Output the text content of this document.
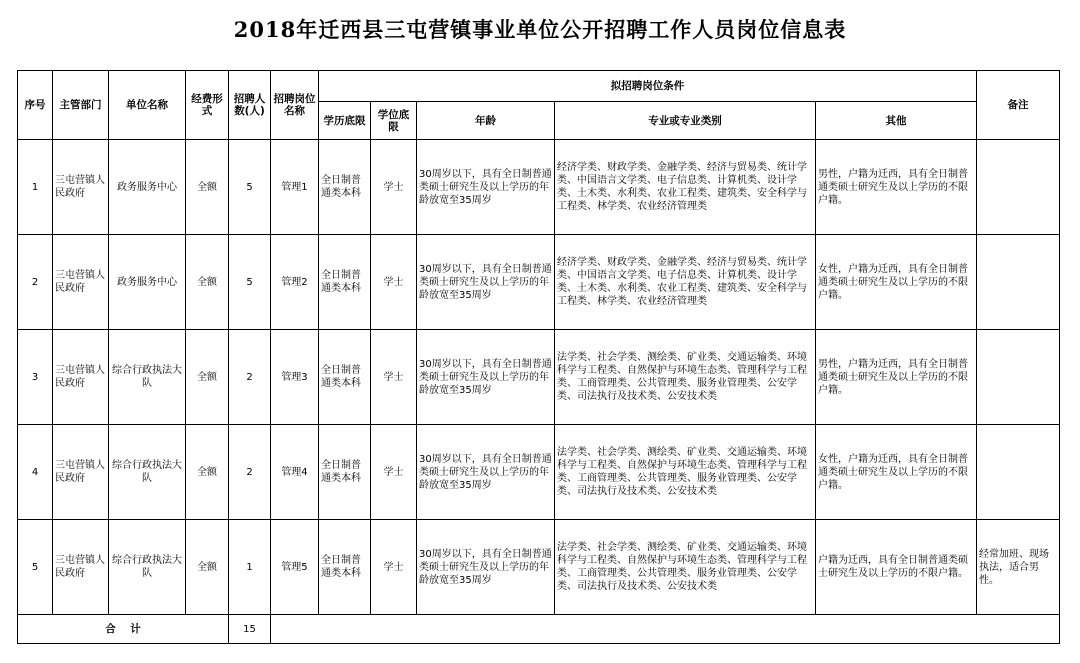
2018年迁西县三屯营镇事业单位公开招聘工作人员岗位信息表
序号	主管部门	单位名称	经费形式	招聘人数(人)	招聘岗位名称	拟招聘岗位条件					备注
						学历底限	学位底限	年龄	专业或专业类别	其他	
1	三屯营镇人民政府	政务服务中心	全额	5	管理1	全日制普通类本科	学士	30周岁以下，具有全日制普通类硕士研究生及以上学历的年龄放宽至35周岁	经济学类、财政学类、金融学类、经济与贸易类、统计学类、中国语言文学类、电子信息类、计算机类、设计学类、土木类、水利类、农业工程类、建筑类、安全科学与工程类、林学类、农业经济管理类	男性，户籍为迁西，具有全日制普通类硕士研究生及以上学历的不限户籍。	
2	三屯营镇人民政府	政务服务中心	全额	5	管理2	全日制普通类本科	学士	30周岁以下，具有全日制普通类硕士研究生及以上学历的年龄放宽至35周岁	经济学类、财政学类、金融学类、经济与贸易类、统计学类、中国语言文学类、电子信息类、计算机类、设计学类、土木类、水利类、农业工程类、建筑类、安全科学与工程类、林学类、农业经济管理类	女性，户籍为迁西，具有全日制普通类硕士研究生及以上学历的不限户籍。	
3	三屯营镇人民政府	综合行政执法大队	全额	2	管理3	全日制普通类本科	学士	30周岁以下，具有全日制普通类硕士研究生及以上学历的年龄放宽至35周岁	法学类、社会学类、测绘类、矿业类、交通运输类、环境科学与工程类、自然保护与环境生态类、管理科学与工程类、工商管理类、公共管理类、服务业管理类、公安学类、司法执行及技术类、公安技术类	男性，户籍为迁西，具有全日制普通类硕士研究生及以上学历的不限户籍。	
4	三屯营镇人民政府	综合行政执法大队	全额	2	管理4	全日制普通类本科	学士	30周岁以下，具有全日制普通类硕士研究生及以上学历的年龄放宽至35周岁	法学类、社会学类、测绘类、矿业类、交通运输类、环境科学与工程类、自然保护与环境生态类、管理科学与工程类、工商管理类、公共管理类、服务业管理类、公安学类、司法执行及技术类、公安技术类	女性，户籍为迁西，具有全日制普通类硕士研究生及以上学历的不限户籍。	
5	三屯营镇人民政府	综合行政执法大队	全额	1	管理5	全日制普通类本科	学士	30周岁以下，具有全日制普通类硕士研究生及以上学历的年龄放宽至35周岁	法学类、社会学类、测绘类、矿业类、交通运输类、环境科学与工程类、自然保护与环境生态类、管理科学与工程类、工商管理类、公共管理类、服务业管理类、公安学类、司法执行及技术类、公安技术类	户籍为迁西，具有全日制普通类硕士研究生及以上学历的不限户籍。	经常加班、现场执法，适合男性。
合    计				15							
